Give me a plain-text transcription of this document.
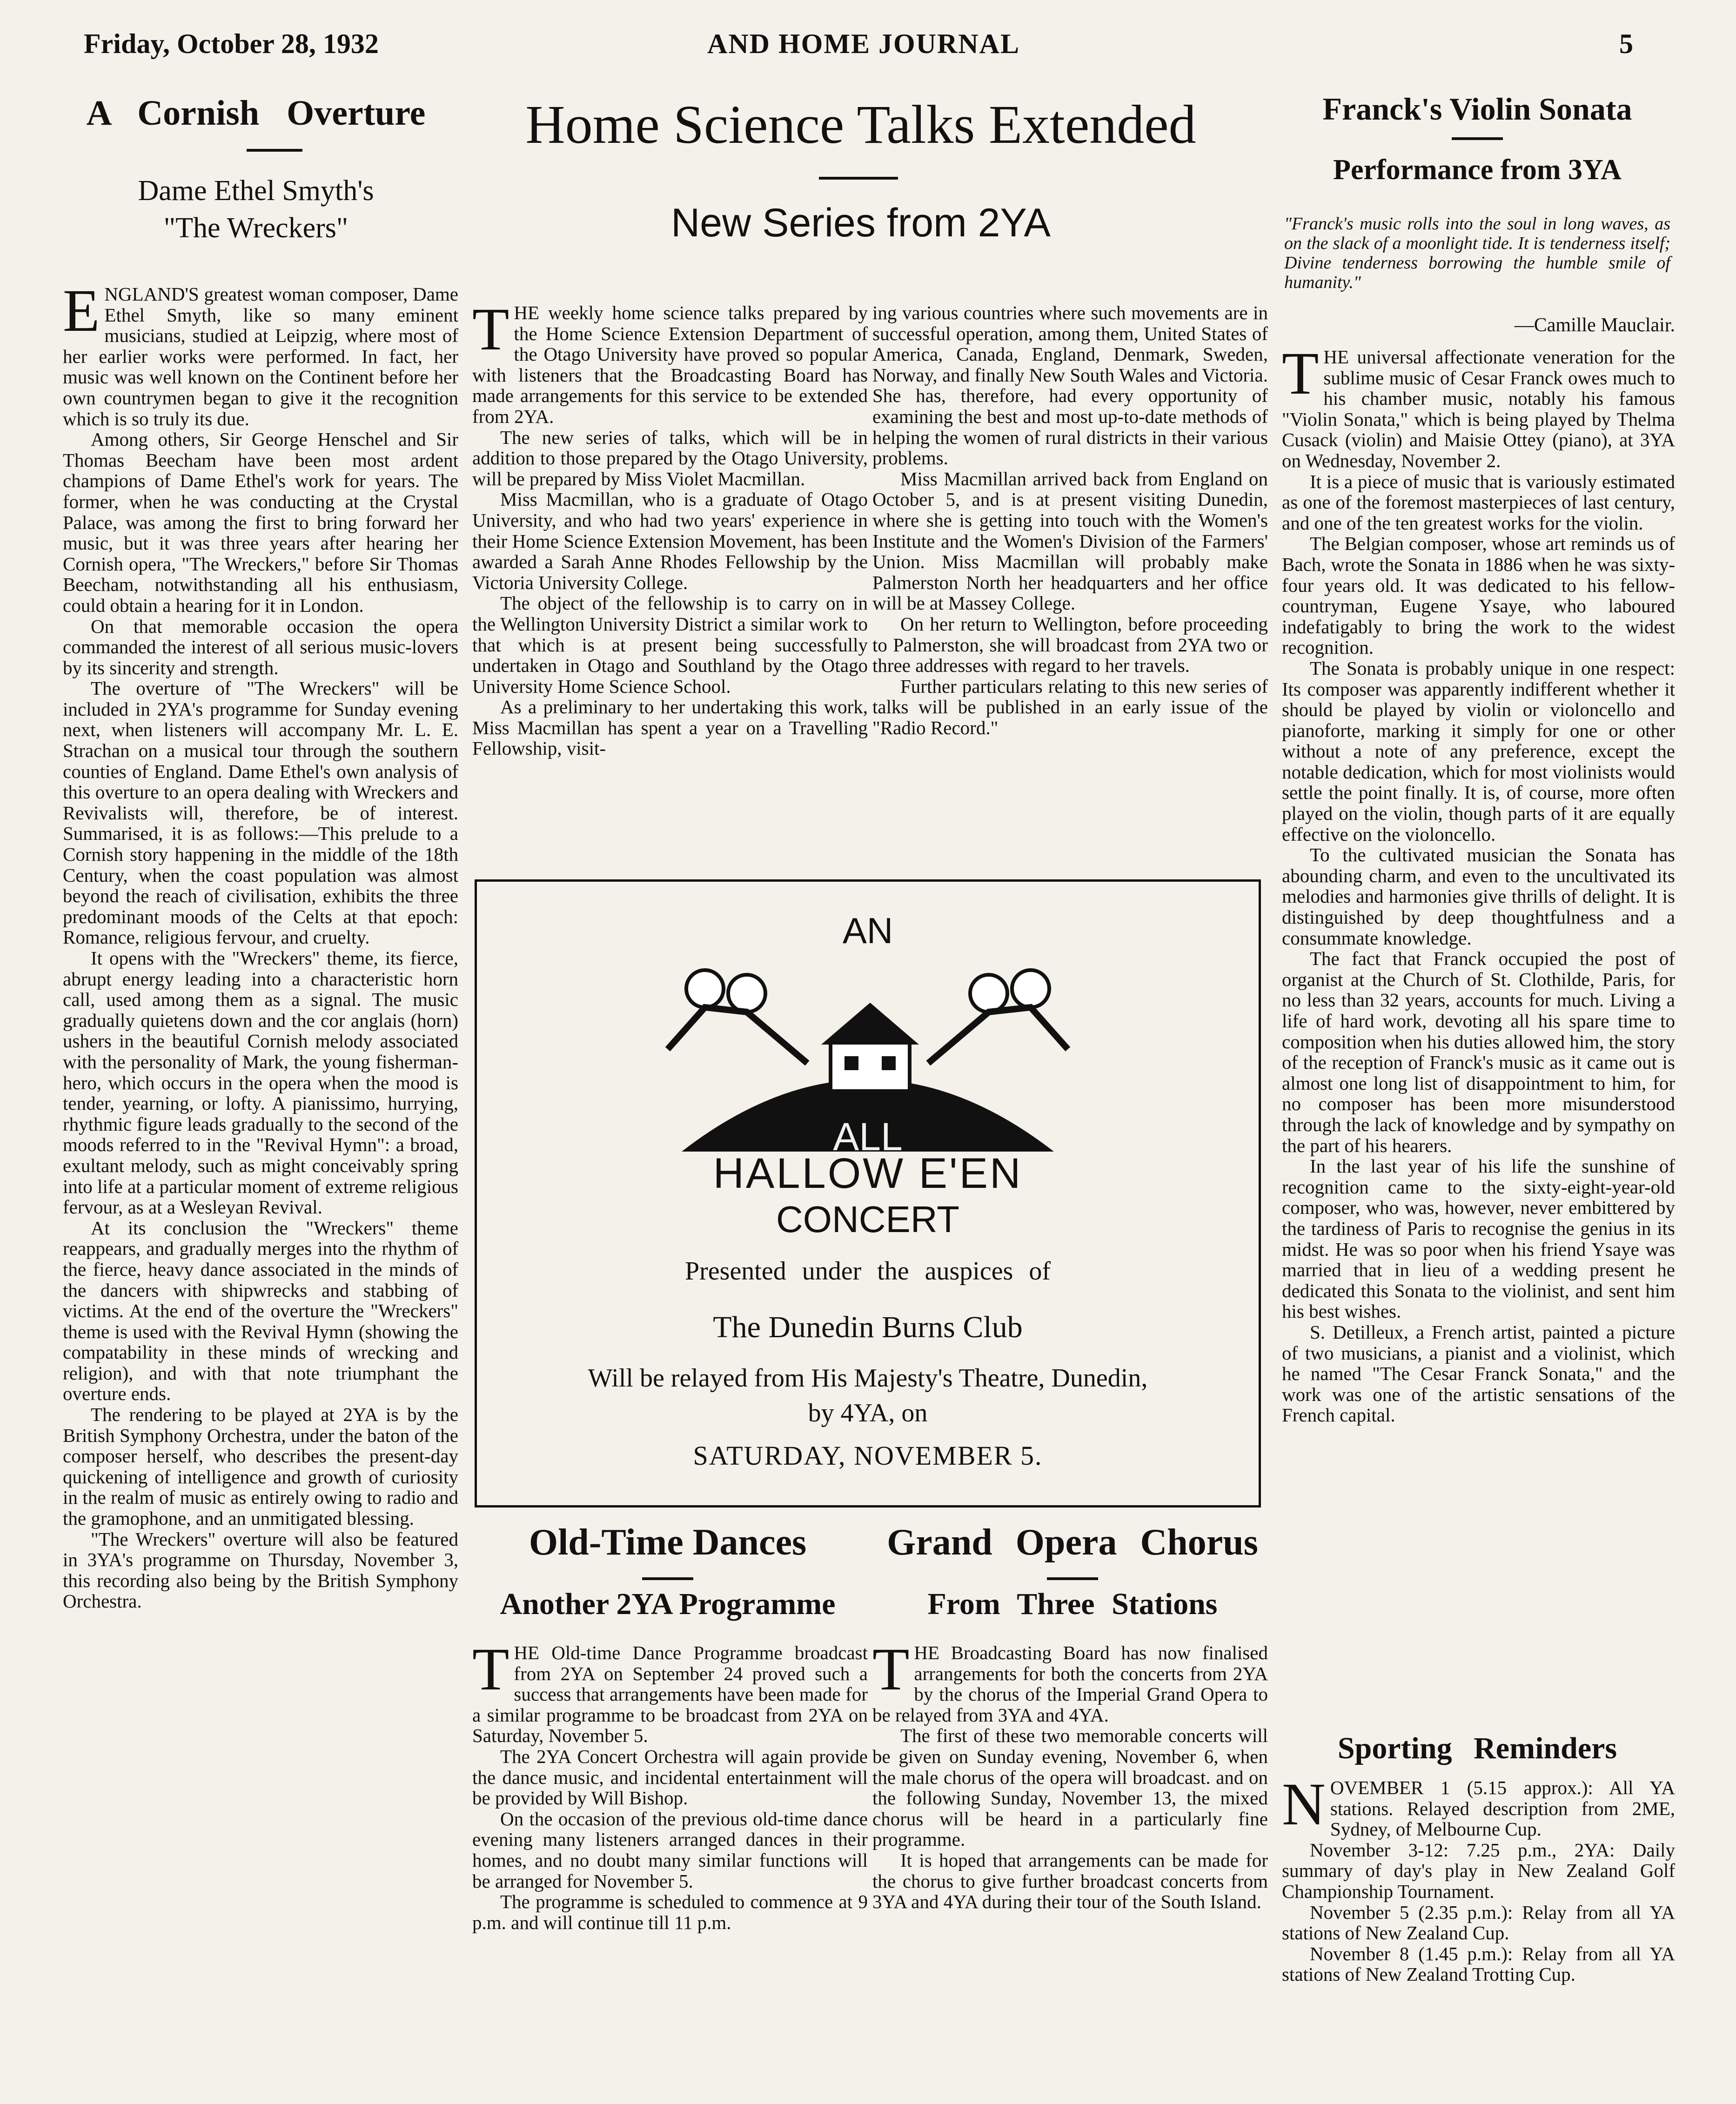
Friday, October 28, 1932	AND HOME JOURNAL	5
A Cornish Overture
Dame Ethel Smyth's
"The Wreckers"

ENGLAND'S greatest woman composer, Dame Ethel Smyth, like so many eminent musicians, studied at Leipzig, where most of her earlier works were performed. In fact, her music was well known on the Continent before her own countrymen began to give it the recognition which is so truly its due.

Among others, Sir George Henschel and Sir Thomas Beecham have been most ardent champions of Dame Ethel's work for years. The former, when he was conducting at the Crystal Palace, was among the first to bring forward her music, but it was three years after hearing her Cornish opera, "The Wreckers," before Sir Thomas Beecham, notwithstanding all his enthusiasm, could obtain a hearing for it in London.

On that memorable occasion the opera commanded the interest of all serious music-lovers by its sincerity and strength.

The overture of "The Wreckers" will be included in 2YA's programme for Sunday evening next, when listeners will accompany Mr. L. E. Strachan on a musical tour through the southern counties of England. Dame Ethel's own analysis of this overture to an opera dealing with Wreckers and Revivalists will, therefore, be of interest. Summarised, it is as follows:—This prelude to a Cornish story happening in the middle of the 18th Century, when the coast population was almost beyond the reach of civilisation, exhibits the three predominant moods of the Celts at that epoch: Romance, religious fervour, and cruelty.

It opens with the "Wreckers" theme, its fierce, abrupt energy leading into a characteristic horn call, used among them as a signal. The music gradually quietens down and the cor anglais (horn) ushers in the beautiful Cornish melody associated with the personality of Mark, the young fisherman-hero, which occurs in the opera when the mood is tender, yearning, or lofty. A pianissimo, hurrying, rhythmic figure leads gradually to the second of the moods referred to in the "Revival Hymn": a broad, exultant melody, such as might conceivably spring into life at a particular moment of extreme religious fervour, as at a Wesleyan Revival.

At its conclusion the "Wreckers" theme reappears, and gradually merges into the rhythm of the fierce, heavy dance associated in the minds of the dancers with shipwrecks and stabbing of victims. At the end of the overture the "Wreckers" theme is used with the Revival Hymn (showing the compatability in these minds of wrecking and religion), and with that note triumphant the overture ends.

The rendering to be played at 2YA is by the British Symphony Orchestra, under the baton of the composer herself, who describes the present-day quickening of intelligence and growth of curiosity in the realm of music as entirely owing to radio and the gramophone, and an unmitigated blessing.

"The Wreckers" overture will also be featured in 3YA's programme on Thursday, November 3, this recording also being by the British Symphony Orchestra.

Home Science Talks Extended
New Series from 2YA

THE weekly home science talks prepared by the Home Science Extension Department of the Otago University have proved so popular with listeners that the Broadcasting Board has made arrangements for this service to be extended from 2YA.

The new series of talks, which will be in addition to those prepared by the Otago University, will be prepared by Miss Violet Macmillan.

Miss Macmillan, who is a graduate of Otago University, and who had two years' experience in their Home Science Extension Movement, has been awarded a Sarah Anne Rhodes Fellowship by the Victoria University College.

The object of the fellowship is to carry on in the Wellington University District a similar work to that which is at present being successfully undertaken in Otago and Southland by the Otago University Home Science School.

As a preliminary to her undertaking this work, Miss Macmillan has spent a year on a Travelling Fellowship, visit-

ing various countries where such movements are in successful operation, among them, United States of America, Canada, England, Denmark, Sweden, Norway, and finally New South Wales and Victoria. She has, therefore, had every opportunity of examining the best and most up-to-date methods of helping the women of rural districts in their various problems.

Miss Macmillan arrived back from England on October 5, and is at present visiting Dunedin, where she is getting into touch with the Women's Institute and the Women's Division of the Farmers' Union. Miss Macmillan will probably make Palmerston North her headquarters and her office will be at Massey College.

On her return to Wellington, before proceeding to Palmerston, she will broadcast from 2YA two or three addresses with regard to her travels.

Further particulars relating to this new series of talks will be published in an early issue of the "Radio Record."

AN
ALL
HALLOW E'EN
CONCERT
Presented under the auspices of
The Dunedin Burns Club
Will be relayed from His Majesty's Theatre, Dunedin,
by 4YA, on
SATURDAY, NOVEMBER 5.
Old-Time Dances
Another 2YA Programme

THE Old-time Dance Programme broadcast from 2YA on September 24 proved such a success that arrangements have been made for a similar programme to be broadcast from 2YA on Saturday, November 5.

The 2YA Concert Orchestra will again provide the dance music, and incidental entertainment will be provided by Will Bishop.

On the occasion of the previous old-time dance evening many listeners arranged dances in their homes, and no doubt many similar functions will be arranged for November 5.

The programme is scheduled to commence at 9 p.m. and will continue till 11 p.m.

Grand Opera Chorus
From Three Stations

THE Broadcasting Board has now finalised arrangements for both the concerts from 2YA by the chorus of the Imperial Grand Opera to be relayed from 3YA and 4YA.

The first of these two memorable concerts will be given on Sunday evening, November 6, when the male chorus of the opera will broadcast. and on the following Sunday, November 13, the mixed chorus will be heard in a particularly fine programme.

It is hoped that arrangements can be made for the chorus to give further broadcast concerts from 3YA and 4YA during their tour of the South Island.

Franck's Violin Sonata
Performance from 3YA
"Franck's music rolls into the soul in long waves, as on the slack of a moonlight tide. It is tenderness itself; Divine tenderness borrowing the humble smile of humanity."
—Camille Mauclair.

THE universal affectionate veneration for the sublime music of Cesar Franck owes much to his chamber music, notably his famous "Violin Sonata," which is being played by Thelma Cusack (violin) and Maisie Ottey (piano), at 3YA on Wednesday, November 2.

It is a piece of music that is variously estimated as one of the foremost masterpieces of last century, and one of the ten greatest works for the violin.

The Belgian composer, whose art reminds us of Bach, wrote the Sonata in 1886 when he was sixty-four years old. It was dedicated to his fellow-countryman, Eugene Ysaye, who laboured indefatigably to bring the work to the widest recognition.

The Sonata is probably unique in one respect: Its composer was apparently indifferent whether it should be played by violin or violoncello and pianoforte, marking it simply for one or other without a note of any preference, except the notable dedication, which for most violinists would settle the point finally. It is, of course, more often played on the violin, though parts of it are equally effective on the violoncello.

To the cultivated musician the Sonata has abounding charm, and even to the uncultivated its melodies and harmonies give thrills of delight. It is distinguished by deep thoughtfulness and a consummate knowledge.

The fact that Franck occupied the post of organist at the Church of St. Clothilde, Paris, for no less than 32 years, accounts for much. Living a life of hard work, devoting all his spare time to composition when his duties allowed him, the story of the reception of Franck's music as it came out is almost one long list of disappointment to him, for no composer has been more misunderstood through the lack of knowledge and by sympathy on the part of his hearers.

In the last year of his life the sunshine of recognition came to the sixty-eight-year-old composer, who was, however, never embittered by the tardiness of Paris to recognise the genius in its midst. He was so poor when his friend Ysaye was married that in lieu of a wedding present he dedicated this Sonata to the violinist, and sent him his best wishes.

S. Detilleux, a French artist, painted a picture of two musicians, a pianist and a violinist, which he named "The Cesar Franck Sonata," and the work was one of the artistic sensations of the French capital.

Sporting Reminders

NOVEMBER 1 (5.15 approx.): All YA stations. Relayed description from 2ME, Sydney, of Melbourne Cup.

November 3-12: 7.25 p.m., 2YA: Daily summary of day's play in New Zealand Golf Championship Tournament.

November 5 (2.35 p.m.): Relay from all YA stations of New Zealand Cup.

November 8 (1.45 p.m.): Relay from all YA stations of New Zealand Trotting Cup.
